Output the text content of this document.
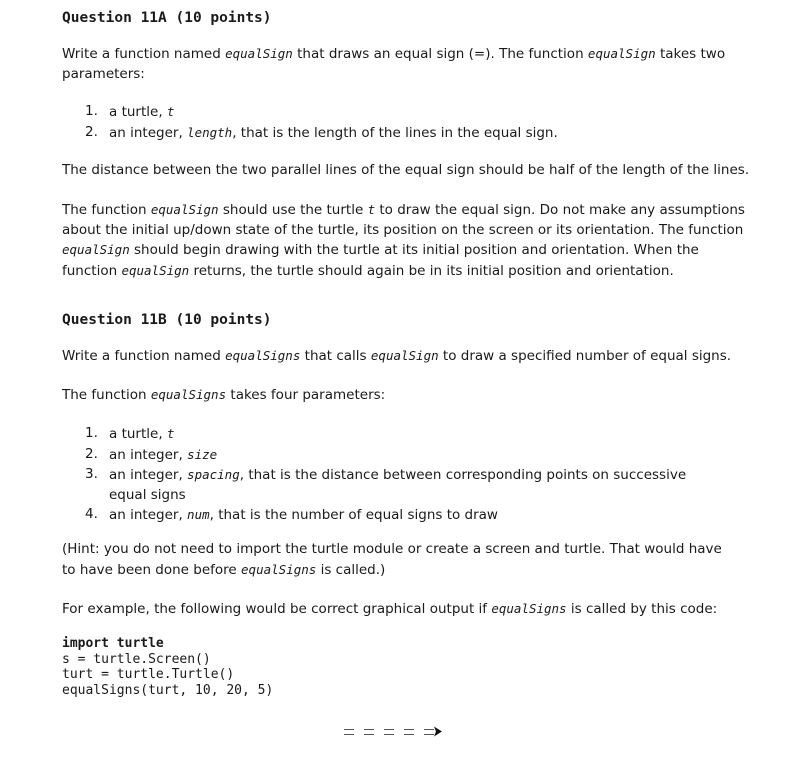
Question 11A (10 points)

Write a function named equalSign that draws an equal sign (=). The function equalSign takes two parameters:

1. a turtle, t
2. an integer, length, that is the length of the lines in the equal sign.

The distance between the two parallel lines of the equal sign should be half of the length of the lines.

The function equalSign should use the turtle t to draw the equal sign. Do not make any assumptions about the initial up/down state of the turtle, its position on the screen or its orientation. The function equalSign should begin drawing with the turtle at its initial position and orientation. When the function equalSign returns, the turtle should again be in its initial position and orientation.

Question 11B (10 points)

Write a function named equalSigns that calls equalSign to draw a specified number of equal signs.

The function equalSigns takes four parameters:

1. a turtle, t
2. an integer, size
3. an integer, spacing, that is the distance between corresponding points on successive equal signs
4. an integer, num, that is the number of equal signs to draw

(Hint: you do not need to import the turtle module or create a screen and turtle. That would have to have been done before equalSigns is called.)

For example, the following would be correct graphical output if equalSigns is called by this code:

import turtle
s = turtle.Screen()
turt = turtle.Turtle()
equalSigns(turt, 10, 20, 5)
